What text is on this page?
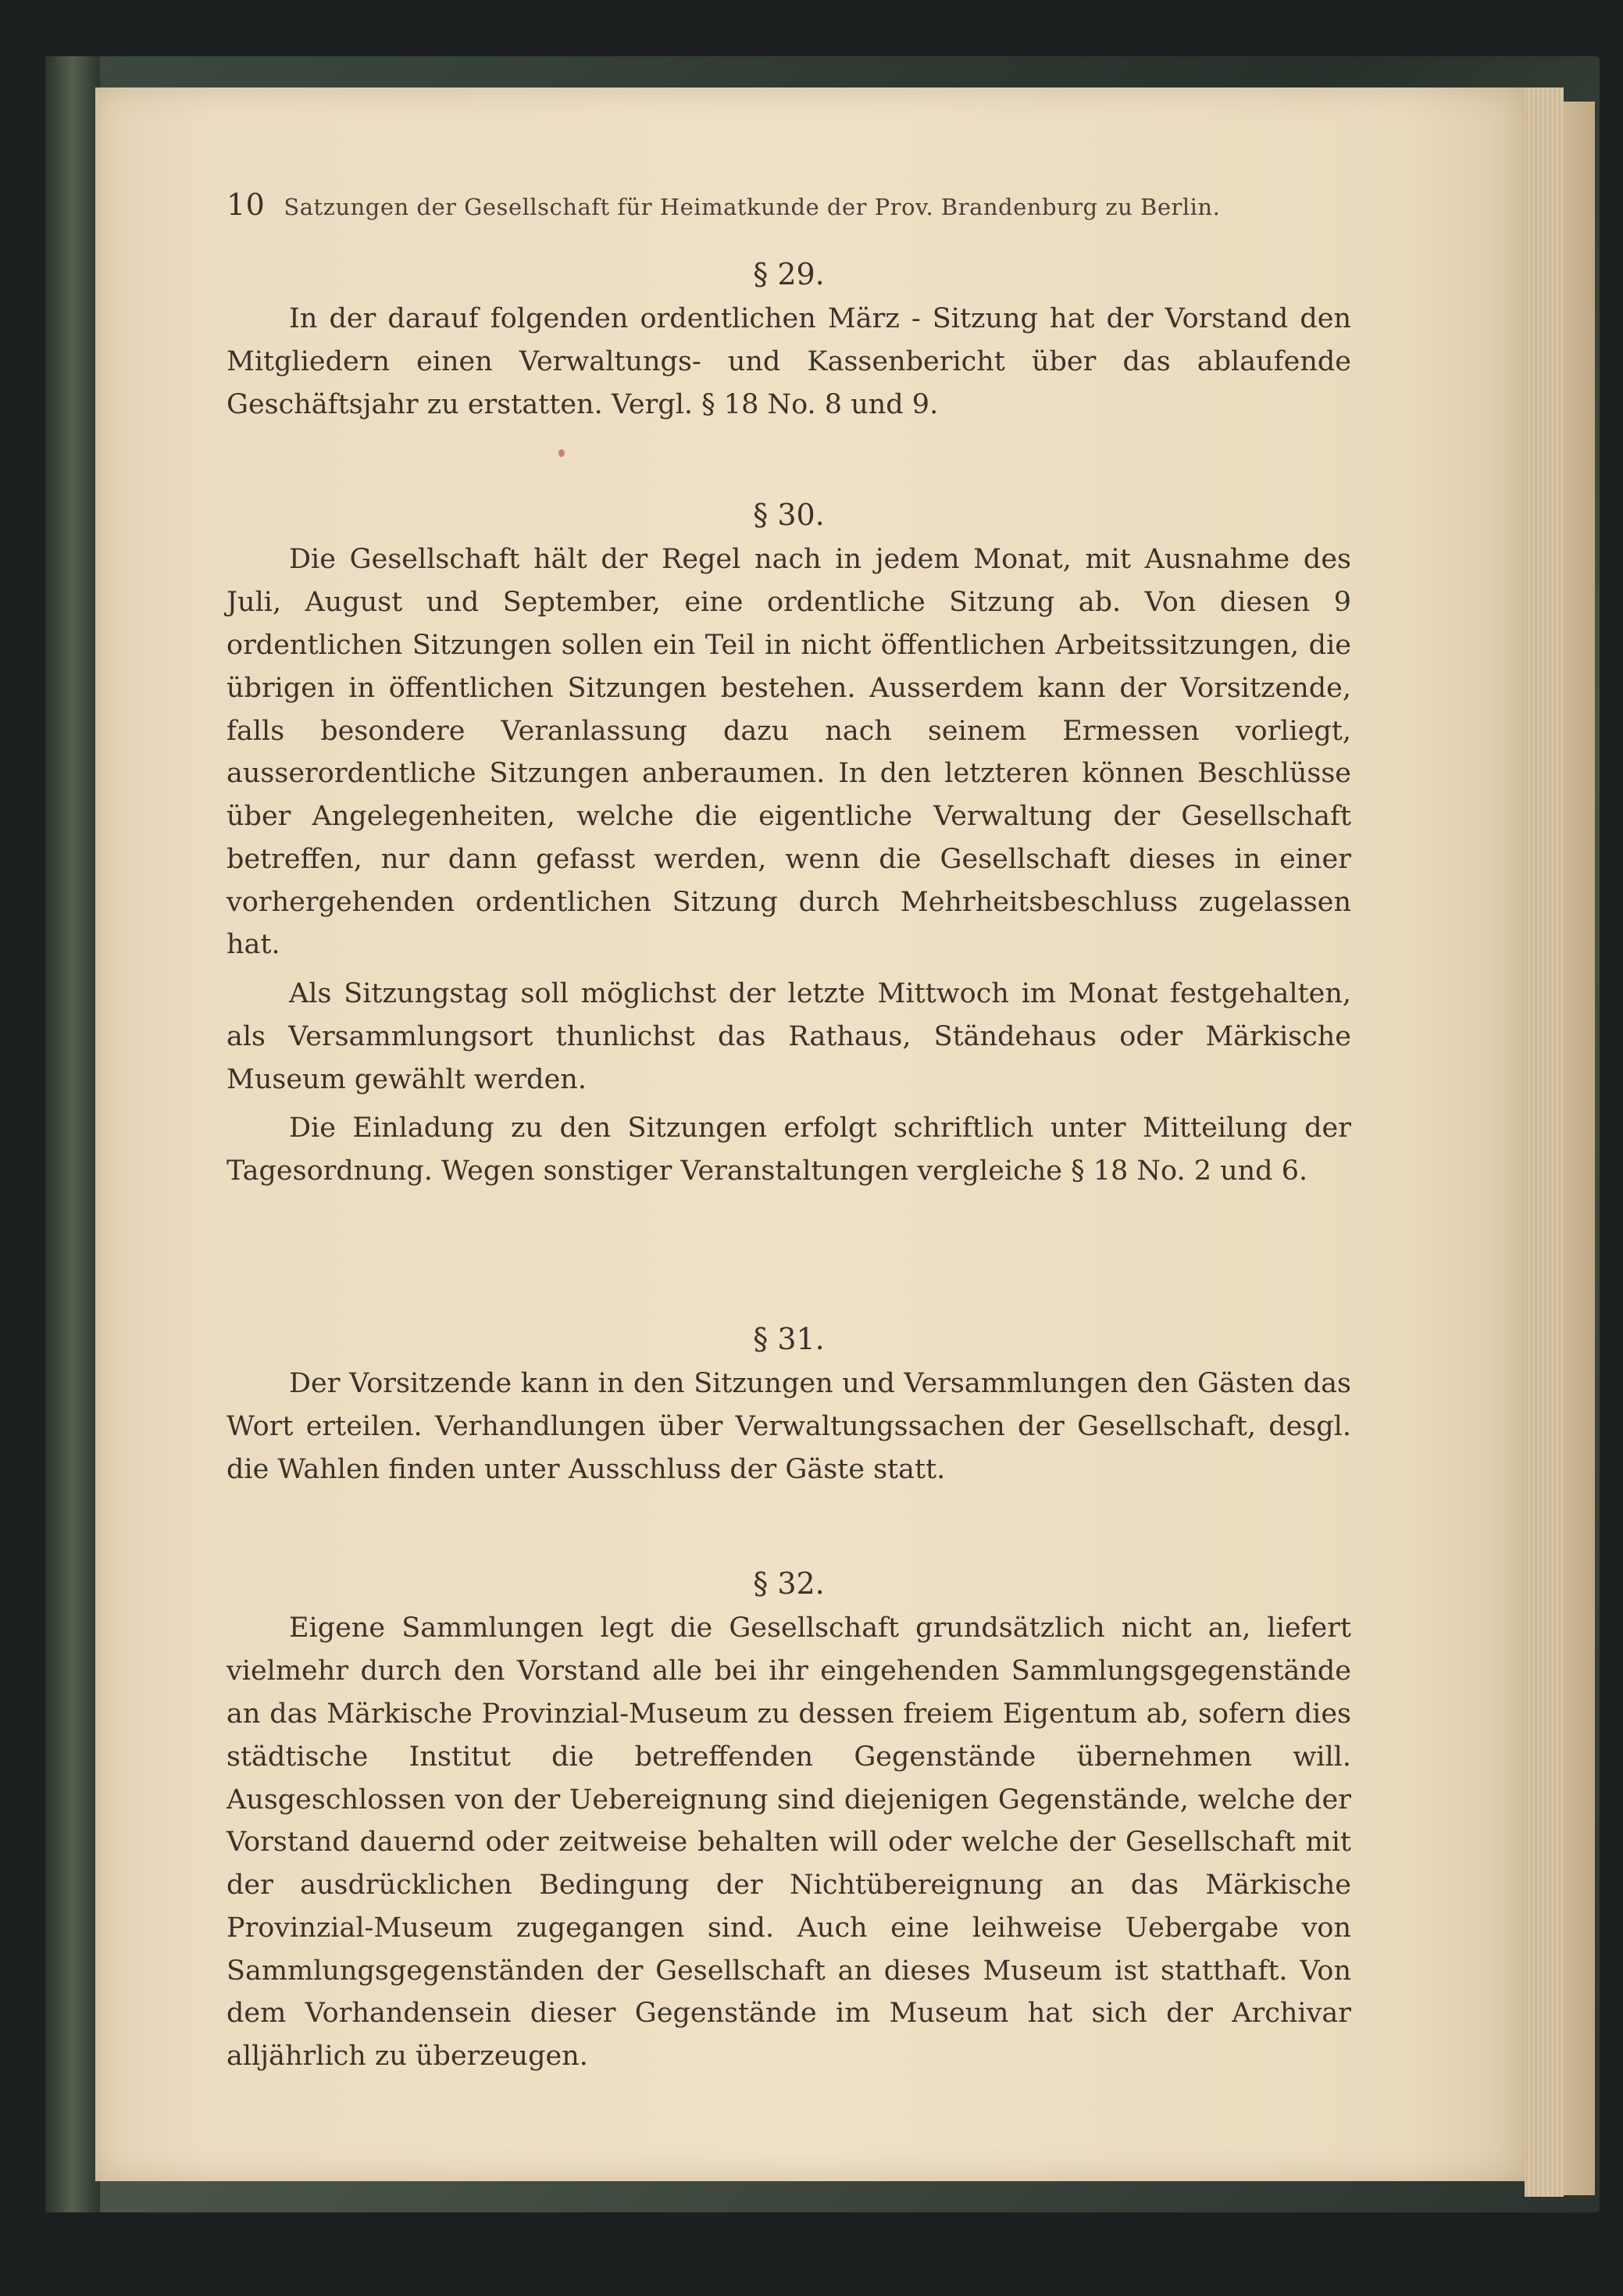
10 Satzungen der Gesellschaft für Heimatkunde der Prov. Brandenburg zu Berlin.
§ 29.

In der darauf folgenden ordentlichen März - Sitzung hat der Vorstand den Mitgliedern einen Verwaltungs- und Kassenbericht über das ablaufende Geschäftsjahr zu erstatten. Vergl. § 18 No. 8 und 9.

§ 30.

Die Gesellschaft hält der Regel nach in jedem Monat, mit Ausnahme des Juli, August und September, eine ordentliche Sitzung ab. Von diesen 9 ordentlichen Sitzungen sollen ein Teil in nicht öffentlichen Arbeitssitzungen, die übrigen in öffentlichen Sitzungen bestehen. Ausserdem kann der Vorsitzende, falls besondere Veranlassung dazu nach seinem Ermessen vorliegt, ausserordentliche Sitzungen anberaumen. In den letzteren können Beschlüsse über Angelegenheiten, welche die eigentliche Verwaltung der Gesellschaft betreffen, nur dann gefasst werden, wenn die Gesellschaft dieses in einer vorhergehenden ordentlichen Sitzung durch Mehrheitsbeschluss zugelassen hat.

Als Sitzungstag soll möglichst der letzte Mittwoch im Monat festgehalten, als Versammlungsort thunlichst das Rathaus, Ständehaus oder Märkische Museum gewählt werden.

Die Einladung zu den Sitzungen erfolgt schriftlich unter Mitteilung der Tagesordnung. Wegen sonstiger Veranstaltungen vergleiche § 18 No. 2 und 6.

§ 31.

Der Vorsitzende kann in den Sitzungen und Versammlungen den Gästen das Wort erteilen. Verhandlungen über Verwaltungssachen der Gesellschaft, desgl. die Wahlen finden unter Ausschluss der Gäste statt.

§ 32.

Eigene Sammlungen legt die Gesellschaft grundsätzlich nicht an, liefert vielmehr durch den Vorstand alle bei ihr eingehenden Sammlungsgegenstände an das Märkische Provinzial-Museum zu dessen freiem Eigentum ab, sofern dies städtische Institut die betreffenden Gegenstände übernehmen will. Ausgeschlossen von der Uebereignung sind diejenigen Gegenstände, welche der Vorstand dauernd oder zeitweise behalten will oder welche der Gesellschaft mit der ausdrücklichen Bedingung der Nichtübereignung an das Märkische Provinzial-Museum zugegangen sind. Auch eine leihweise Uebergabe von Sammlungsgegenständen der Gesellschaft an dieses Museum ist statthaft. Von dem Vorhandensein dieser Gegenstände im Museum hat sich der Archivar alljährlich zu überzeugen.
